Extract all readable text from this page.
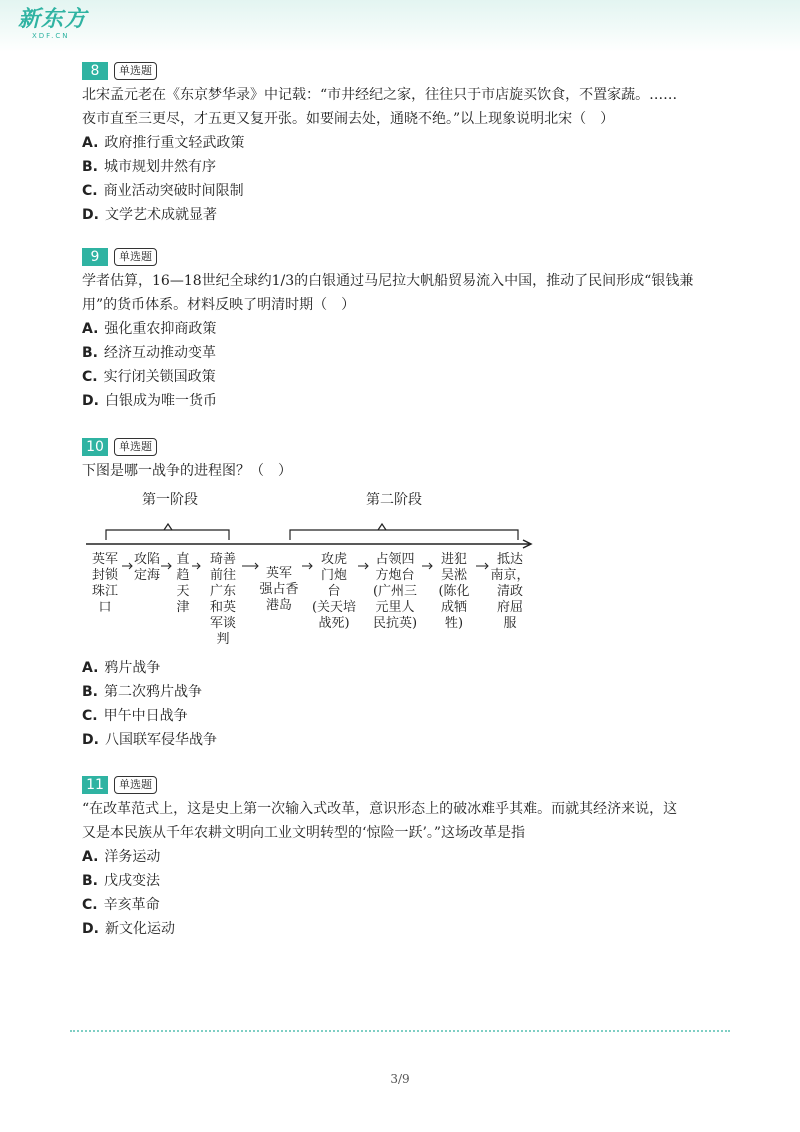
新东方
XDF.CN
8	单选题
北宋孟元老在《东京梦华录》中记载：“市井经纪之家，往往只于市店旋买饮食，不置家蔬。……
夜市直至三更尽，才五更又复开张。如要闹去处，通晓不绝。”以上现象说明北宋（　）
A. 政府推行重文轻武政策
B. 城市规划井然有序
C. 商业活动突破时间限制
D. 文学艺术成就显著
9	单选题
学者估算，16—18世纪全球约1/3的白银通过马尼拉大帆船贸易流入中国，推动了民间形成“银钱兼
用”的货币体系。材料反映了明清时期（　）
A. 强化重农抑商政策
B. 经济互动推动变革
C. 实行闭关锁国政策
D. 白银成为唯一货币
10	单选题
下图是哪一战争的进程图？（　）
第一阶段	第二阶段
英军
封锁
珠江
口
攻陷
定海
直
趋
天
津
琦善
前往
广东
和英
军谈
判
英军
强占香
港岛
攻虎
门炮
台
(关天培
战死)
占领四
方炮台
(广州三
元里人
民抗英)
进犯
吴淞
(陈化
成牺
牲)
抵达
南京，
清政
府屈
服
A. 鸦片战争
B. 第二次鸦片战争
C. 甲午中日战争
D. 八国联军侵华战争
11	单选题
“在改革范式上，这是史上第一次输入式改革，意识形态上的破冰难乎其难。而就其经济来说，这
又是本民族从千年农耕文明向工业文明转型的‘惊险一跃’。”这场改革是指
A. 洋务运动
B. 戊戌变法
C. 辛亥革命
D. 新文化运动
3/9
